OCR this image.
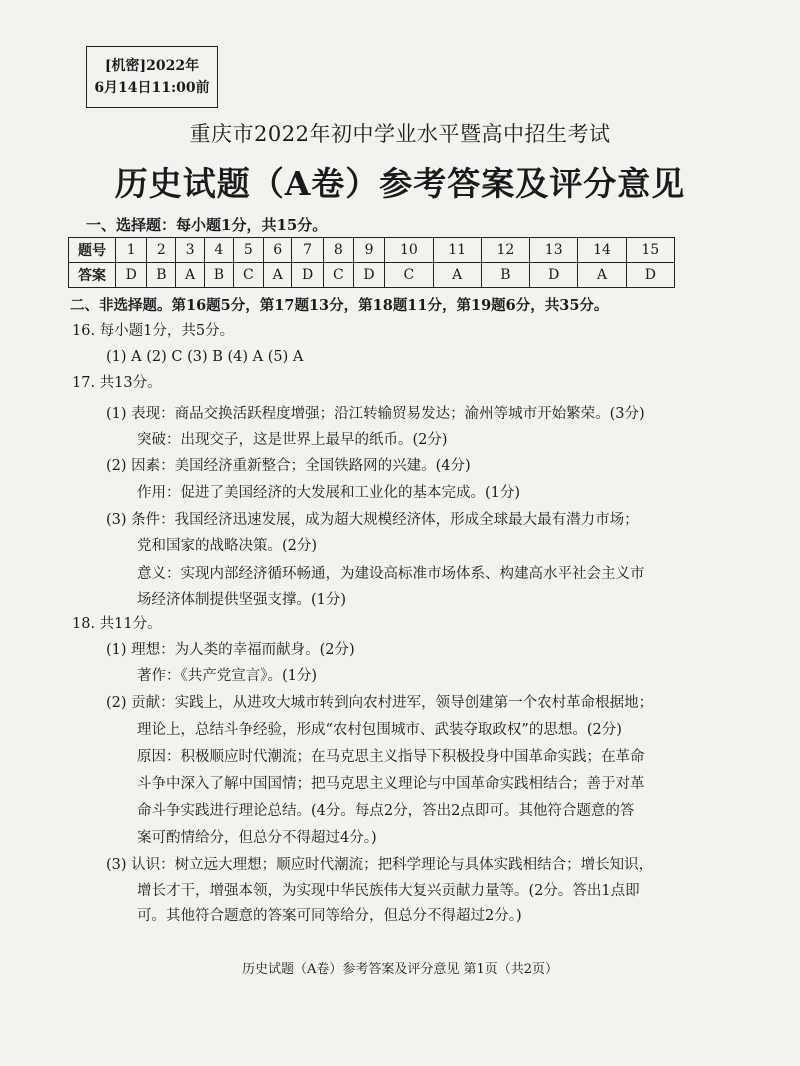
[机密]2022年
6月14日11:00前
重庆市2022年初中学业水平暨高中招生考试
历史试题（A卷）参考答案及评分意见
一、选择题：每小题1分，共15分。
题号	1	2	3	4	5	6	7	8	9	10	11	12	13	14	15
答案	D	B	A	B	C	A	D	C	D	C	A	B	D	A	D
二、非选择题。第16题5分，第17题13分，第18题11分，第19题6分，共35分。
16. 每小题1分，共5分。
(1) A (2) C (3) B (4) A (5) A
17. 共13分。
(1) 表现：商品交换活跃程度增强；沿江转输贸易发达；渝州等城市开始繁荣。(3分)
突破：出现交子，这是世界上最早的纸币。(2分)
(2) 因素：美国经济重新整合；全国铁路网的兴建。(4分)
作用：促进了美国经济的大发展和工业化的基本完成。(1分)
(3) 条件：我国经济迅速发展，成为超大规模经济体，形成全球最大最有潜力市场；
党和国家的战略决策。(2分)
意义：实现内部经济循环畅通，为建设高标准市场体系、构建高水平社会主义市
场经济体制提供坚强支撑。(1分)
18. 共11分。
(1) 理想：为人类的幸福而献身。(2分)
著作：《共产党宣言》。(1分)
(2) 贡献：实践上，从进攻大城市转到向农村进军，领导创建第一个农村革命根据地；
理论上，总结斗争经验，形成“农村包围城市、武装夺取政权”的思想。(2分)
原因：积极顺应时代潮流；在马克思主义指导下积极投身中国革命实践；在革命
斗争中深入了解中国国情；把马克思主义理论与中国革命实践相结合；善于对革
命斗争实践进行理论总结。(4分。每点2分，答出2点即可。其他符合题意的答
案可酌情给分，但总分不得超过4分。)
(3) 认识：树立远大理想；顺应时代潮流；把科学理论与具体实践相结合；增长知识，
增长才干，增强本领，为实现中华民族伟大复兴贡献力量等。(2分。答出1点即
可。其他符合题意的答案可同等给分，但总分不得超过2分。)
历史试题（A卷）参考答案及评分意见 第1页（共2页）
